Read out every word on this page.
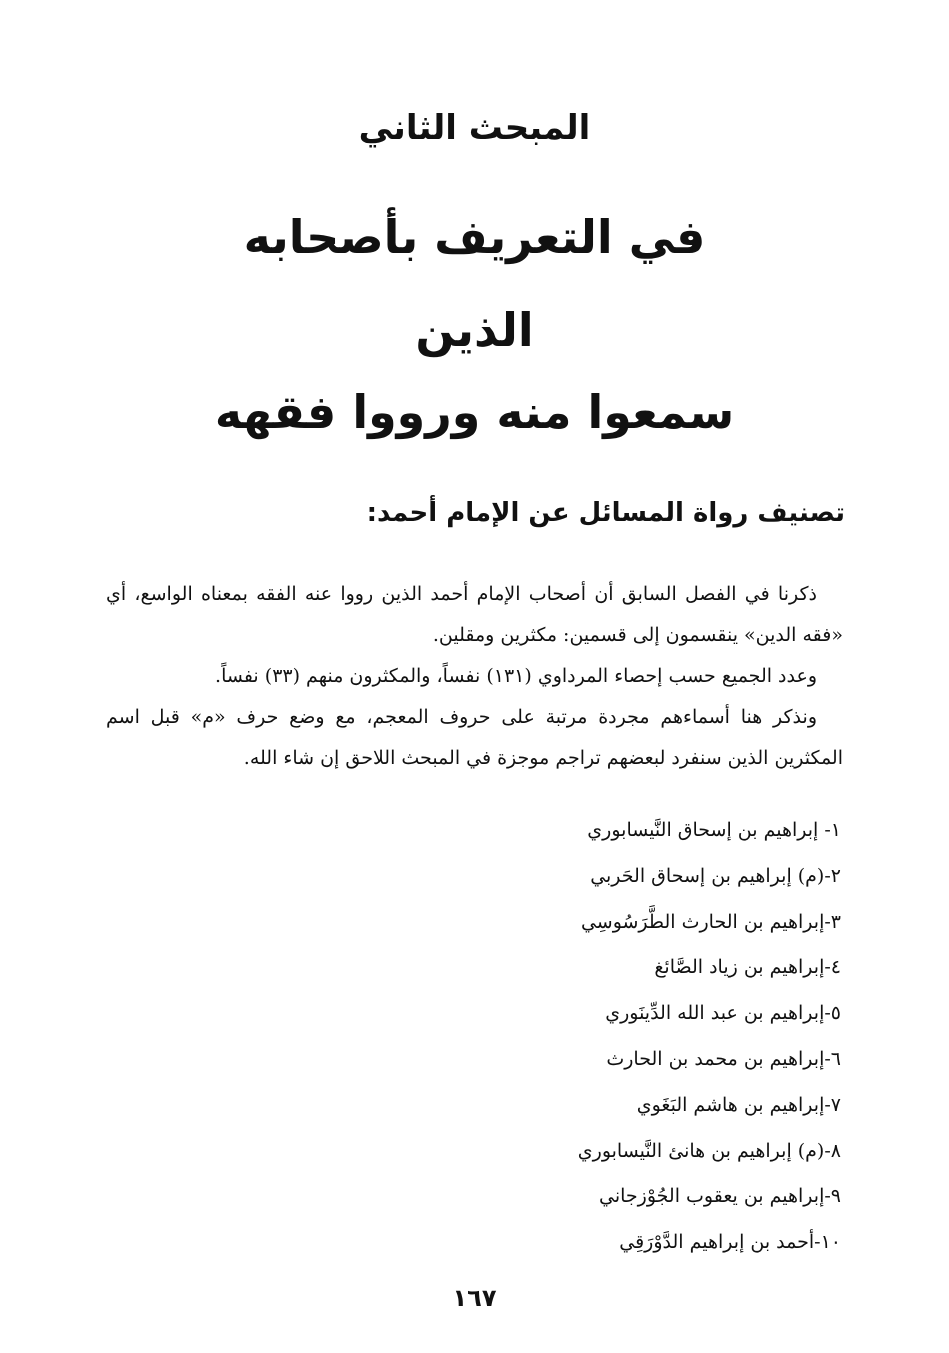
المبحث الثاني
في التعريف بأصحابه
الذين
سمعوا منه ورووا فقهه
تصنيف رواة المسائل عن الإمام أحمد:

ذكرنا في الفصل السابق أن أصحاب الإمام أحمد الذين رووا عنه الفقه بمعناه الواسع، أي «فقه الدين» ينقسمون إلى قسمين: مكثرين ومقلين.

وعدد الجميع حسب إحصاء المرداوي (١٣١) نفساً، والمكثرون منهم (٣٣) نفساً.

ونذكر هنا أسماءهم مجردة مرتبة على حروف المعجم، مع وضع حرف «م» قبل اسم المكثرين الذين سنفرد لبعضهم تراجم موجزة في المبحث اللاحق إن شاء الله.

١- إبراهيم بن إسحاق النَّيسابوري
٢-(م) إبراهيم بن إسحاق الحَربي
٣-إبراهيم بن الحارث الطَّرَسُوسِي
٤-إبراهيم بن زياد الصَّائغ
٥-إبراهيم بن عبد الله الدِّينَوري
٦-إبراهيم بن محمد بن الحارث
٧-إبراهيم بن هاشم البَغَوي
٨-(م) إبراهيم بن هانئ النَّيسابوري
٩-إبراهيم بن يعقوب الجُوْزجاني
١٠-أحمد بن إبراهيم الدَّوْرَقِي
١٦٧
